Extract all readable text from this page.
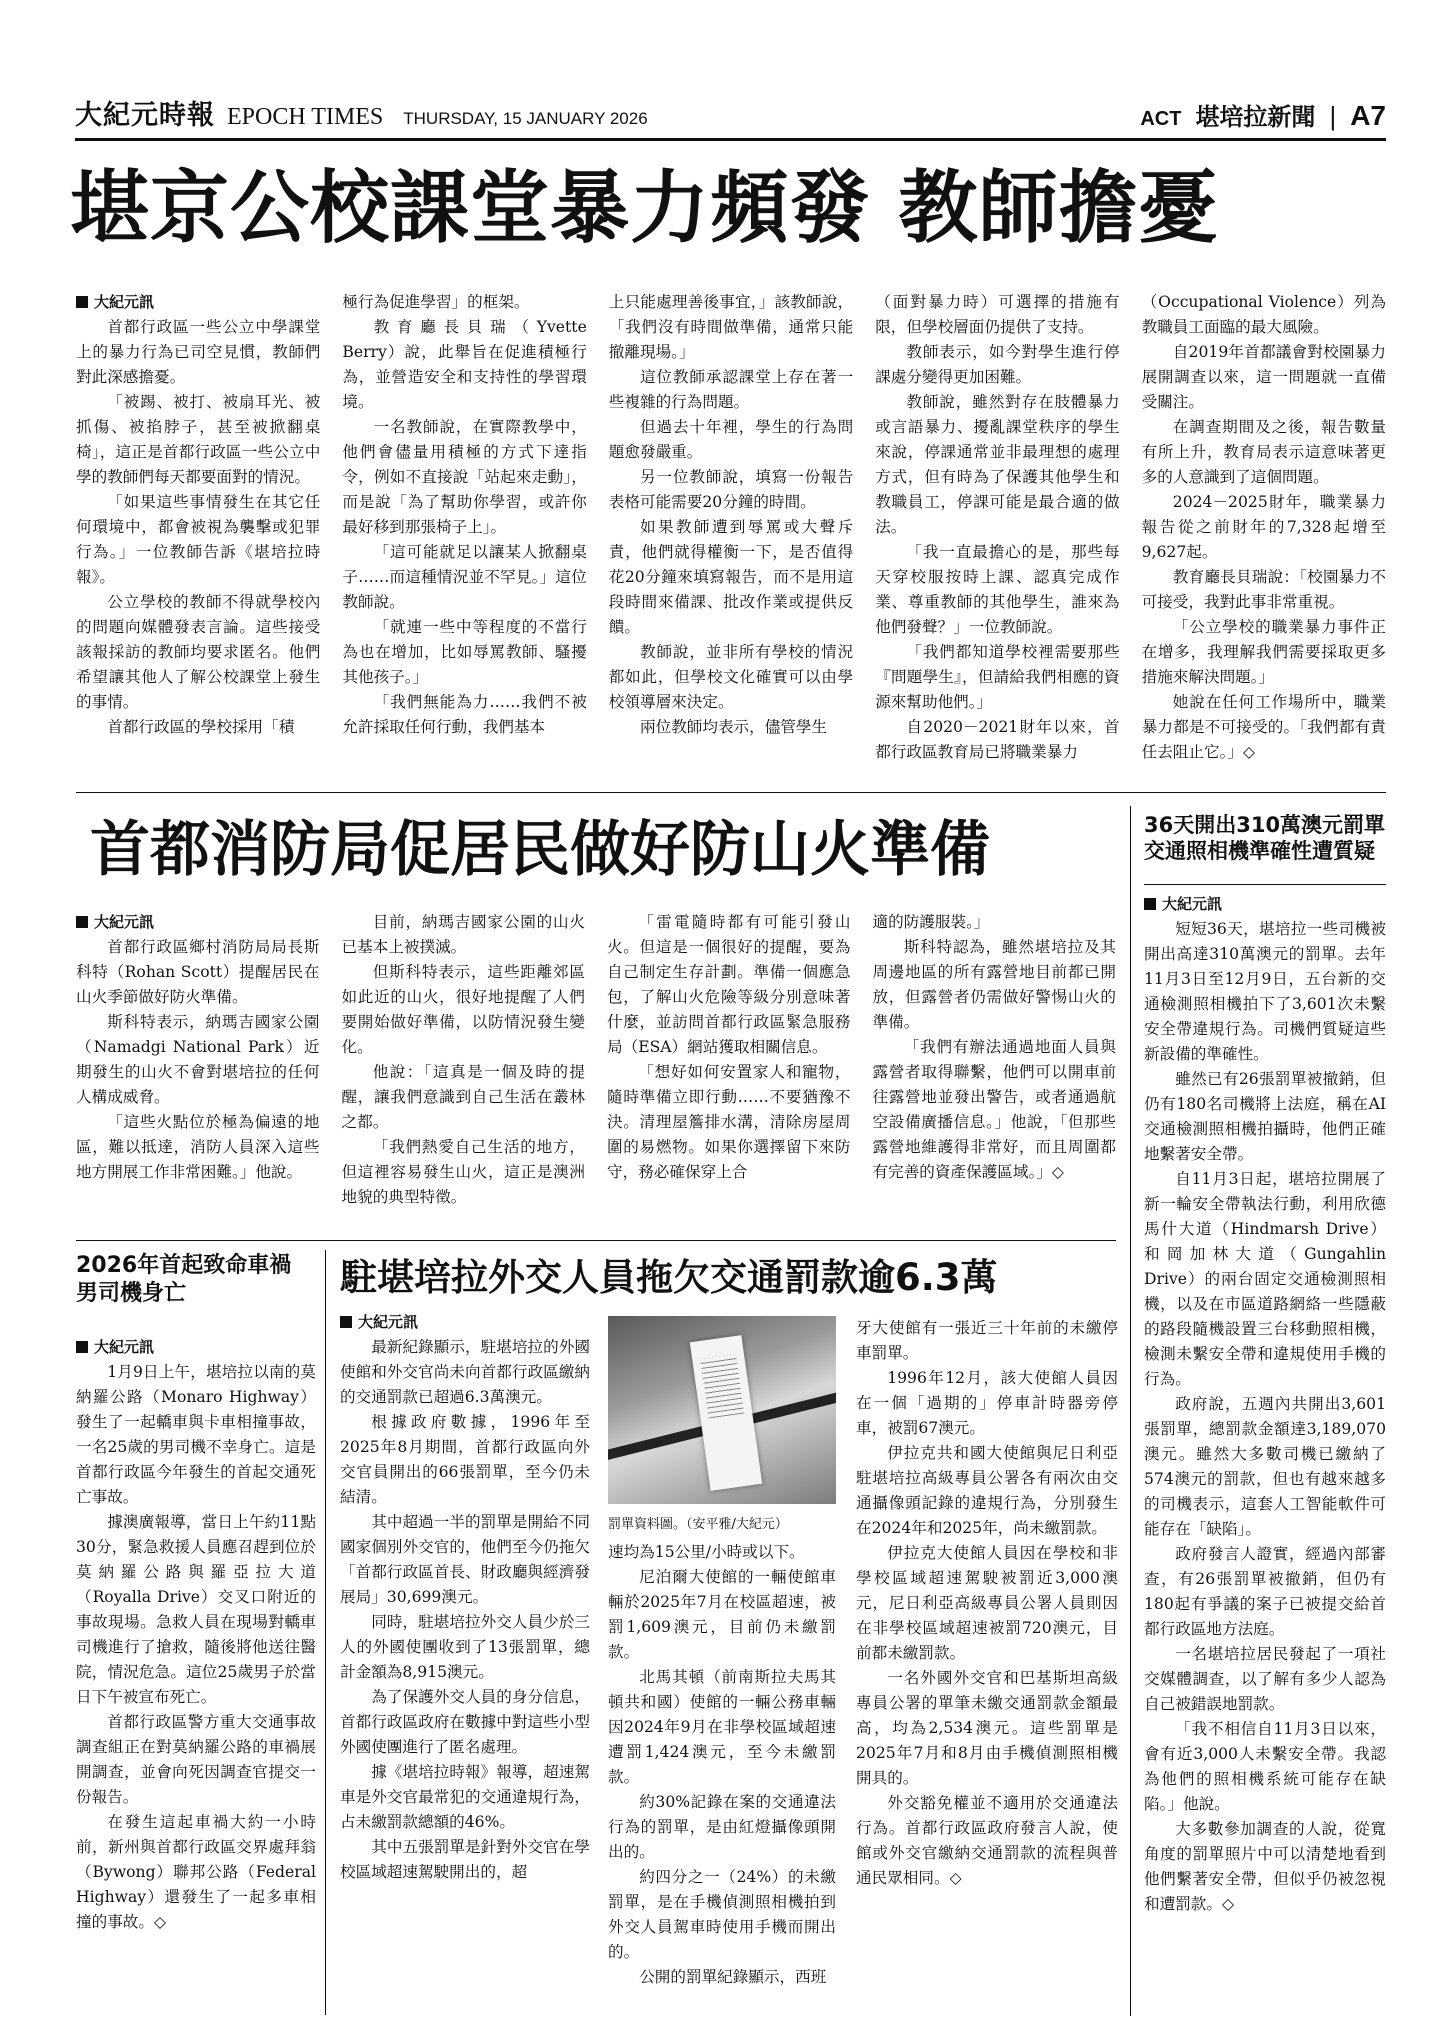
大紀元時報 EPOCH TIMES THURSDAY, 15 JANUARY 2026	ACT 堪培拉新聞 | A7
堪京公校課堂暴力頻發 教師擔憂

大紀元訊

首都行政區一些公立中學課堂上的暴力行為已司空見慣，教師們對此深感擔憂。

「被踢、被打、被扇耳光、被抓傷、被掐脖子，甚至被掀翻桌椅」，這正是首都行政區一些公立中學的教師們每天都要面對的情況。

「如果這些事情發生在其它任何環境中，都會被視為襲擊或犯罪行為。」一位教師告訴《堪培拉時報》。

公立學校的教師不得就學校內的問題向媒體發表言論。這些接受該報採訪的教師均要求匿名。他們希望讓其他人了解公校課堂上發生的事情。

首都行政區的學校採用「積

極行為促進學習」的框架。

教育廳長貝瑞（Yvette Berry）說，此舉旨在促進積極行為，並營造安全和支持性的學習環境。

一名教師說，在實際教學中，他們會儘量用積極的方式下達指令，例如不直接說「站起來走動」，而是說「為了幫助你學習，或許你最好移到那張椅子上」。

「這可能就足以讓某人掀翻桌子……而這種情況並不罕見。」這位教師說。

「就連一些中等程度的不當行為也在增加，比如辱罵教師、騷擾其他孩子。」

「我們無能為力……我們不被允許採取任何行動，我們基本

上只能處理善後事宜，」該教師說，「我們沒有時間做準備，通常只能撤離現場。」

這位教師承認課堂上存在著一些複雜的行為問題。

但過去十年裡，學生的行為問題愈發嚴重。

另一位教師說，填寫一份報告表格可能需要20分鐘的時間。

如果教師遭到辱罵或大聲斥責，他們就得權衡一下，是否值得花20分鐘來填寫報告，而不是用這段時間來備課、批改作業或提供反饋。

教師說，並非所有學校的情況都如此，但學校文化確實可以由學校領導層來決定。

兩位教師均表示，儘管學生

（面對暴力時）可選擇的措施有限，但學校層面仍提供了支持。

教師表示，如今對學生進行停課處分變得更加困難。

教師說，雖然對存在肢體暴力或言語暴力、擾亂課堂秩序的學生來說，停課通常並非最理想的處理方式，但有時為了保護其他學生和教職員工，停課可能是最合適的做法。

「我一直最擔心的是，那些每天穿校服按時上課、認真完成作業、尊重教師的其他學生，誰來為他們發聲？」一位教師說。

「我們都知道學校裡需要那些『問題學生』，但請給我們相應的資源來幫助他們。」

自2020－2021財年以來，首都行政區教育局已將職業暴力

（Occupational Violence）列為教職員工面臨的最大風險。

自2019年首都議會對校園暴力展開調查以來，這一問題就一直備受關注。

在調查期間及之後，報告數量有所上升，教育局表示這意味著更多的人意識到了這個問題。

2024－2025財年，職業暴力報告從之前財年的7,328起增至9,627起。

教育廳長貝瑞說：「校園暴力不可接受，我對此事非常重視。

「公立學校的職業暴力事件正在增多，我理解我們需要採取更多措施來解決問題。」

她說在任何工作場所中，職業暴力都是不可接受的。「我們都有責任去阻止它。」◇

首都消防局促居民做好防山火準備

大紀元訊

首都行政區鄉村消防局局長斯科特（Rohan Scott）提醒居民在山火季節做好防火準備。

斯科特表示，納瑪吉國家公園（Namadgi National Park）近期發生的山火不會對堪培拉的任何人構成威脅。

「這些火點位於極為偏遠的地區，難以抵達，消防人員深入這些地方開展工作非常困難。」他說。

目前，納瑪吉國家公園的山火已基本上被撲滅。

但斯科特表示，這些距離郊區如此近的山火，很好地提醒了人們要開始做好準備，以防情況發生變化。

他說：「這真是一個及時的提醒，讓我們意識到自己生活在叢林之都。

「我們熱愛自己生活的地方，但這裡容易發生山火，這正是澳洲地貌的典型特徵。

「雷電隨時都有可能引發山火。但這是一個很好的提醒，要為自己制定生存計劃。準備一個應急包，了解山火危險等級分別意味著什麼，並訪問首都行政區緊急服務局（ESA）網站獲取相關信息。

「想好如何安置家人和寵物，隨時準備立即行動……不要猶豫不決。清理屋簷排水溝，清除房屋周圍的易燃物。如果你選擇留下來防守，務必確保穿上合

適的防護服裝。」

斯科特認為，雖然堪培拉及其周邊地區的所有露營地目前都已開放，但露營者仍需做好警惕山火的準備。

「我們有辦法通過地面人員與露營者取得聯繫，他們可以開車前往露營地並發出警告，或者通過航空設備廣播信息。」他說，「但那些露營地維護得非常好，而且周圍都有完善的資產保護區域。」◇

36天開出310萬澳元罰單
交通照相機準確性遭質疑

大紀元訊

短短36天，堪培拉一些司機被開出高達310萬澳元的罰單。去年11月3日至12月9日，五台新的交通檢測照相機拍下了3,601次未繫安全帶違規行為。司機們質疑這些新設備的準確性。

雖然已有26張罰單被撤銷，但仍有180名司機將上法庭，稱在AI交通檢測照相機拍攝時，他們正確地繫著安全帶。

自11月3日起，堪培拉開展了新一輪安全帶執法行動，利用欣德馬什大道（Hindmarsh Drive）和岡加林大道（Gungahlin Drive）的兩台固定交通檢測照相機，以及在市區道路網絡一些隱蔽的路段隨機設置三台移動照相機，檢測未繫安全帶和違規使用手機的行為。

政府說，五週內共開出3,601張罰單，總罰款金額達3,189,070澳元。雖然大多數司機已繳納了574澳元的罰款，但也有越來越多的司機表示，這套人工智能軟件可能存在「缺陷」。

政府發言人證實，經過內部審查，有26張罰單被撤銷，但仍有180起有爭議的案子已被提交給首都行政區地方法庭。

一名堪培拉居民發起了一項社交媒體調查，以了解有多少人認為自己被錯誤地罰款。

「我不相信自11月3日以來，會有近3,000人未繫安全帶。我認為他們的照相機系統可能存在缺陷。」他說。

大多數參加調查的人說，從寬角度的罰單照片中可以清楚地看到他們繫著安全帶，但似乎仍被忽視和遭罰款。◇

2026年首起致命車禍
男司機身亡

大紀元訊

1月9日上午，堪培拉以南的莫納羅公路（Monaro Highway）發生了一起轎車與卡車相撞事故，一名25歲的男司機不幸身亡。這是首都行政區今年發生的首起交通死亡事故。

據澳廣報導，當日上午約11點30分，緊急救援人員應召趕到位於莫納羅公路與羅亞拉大道（Royalla Drive）交叉口附近的事故現場。急救人員在現場對轎車司機進行了搶救，隨後將他送往醫院，情況危急。這位25歲男子於當日下午被宣布死亡。

首都行政區警方重大交通事故調查組正在對莫納羅公路的車禍展開調查，並會向死因調查官提交一份報告。

在發生這起車禍大約一小時前，新州與首都行政區交界處拜翁（Bywong）聯邦公路（Federal Highway）還發生了一起多車相撞的事故。◇

駐堪培拉外交人員拖欠交通罰款逾6.3萬

大紀元訊

最新紀錄顯示，駐堪培拉的外國使館和外交官尚未向首都行政區繳納的交通罰款已超過6.3萬澳元。

根據政府數據，1996年至2025年8月期間，首都行政區向外交官員開出的66張罰單，至今仍未結清。

其中超過一半的罰單是開給不同國家個別外交官的，他們至今仍拖欠「首都行政區首長、財政廳與經濟發展局」30,699澳元。

同時，駐堪培拉外交人員少於三人的外國使團收到了13張罰單，總計金額為8,915澳元。

為了保護外交人員的身分信息，首都行政區政府在數據中對這些小型外國使團進行了匿名處理。

據《堪培拉時報》報導，超速駕車是外交官最常犯的交通違規行為，占未繳罰款總額的46%。

其中五張罰單是針對外交官在學校區域超速駕駛開出的，超

罰單資料圖。（安平雅/大紀元）

速均為15公里/小時或以下。

尼泊爾大使館的一輛使館車輛於2025年7月在校區超速，被罰1,609澳元，目前仍未繳罰款。

北馬其頓（前南斯拉夫馬其頓共和國）使館的一輛公務車輛因2024年9月在非學校區域超速遭罰1,424澳元，至今未繳罰款。

約30%記錄在案的交通違法行為的罰單，是由紅燈攝像頭開出的。

約四分之一（24%）的未繳罰單，是在手機偵測照相機拍到外交人員駕車時使用手機而開出的。

公開的罰單紀錄顯示，西班

牙大使館有一張近三十年前的未繳停車罰單。

1996年12月，該大使館人員因在一個「過期的」停車計時器旁停車，被罰67澳元。

伊拉克共和國大使館與尼日利亞駐堪培拉高級專員公署各有兩次由交通攝像頭記錄的違規行為，分別發生在2024年和2025年，尚未繳罰款。

伊拉克大使館人員因在學校和非學校區域超速駕駛被罰近3,000澳元，尼日利亞高級專員公署人員則因在非學校區域超速被罰720澳元，目前都未繳罰款。

一名外國外交官和巴基斯坦高級專員公署的單筆未繳交通罰款金額最高，均為2,534澳元。這些罰單是2025年7月和8月由手機偵測照相機開具的。

外交豁免權並不適用於交通違法行為。首都行政區政府發言人說，使館或外交官繳納交通罰款的流程與普通民眾相同。◇
